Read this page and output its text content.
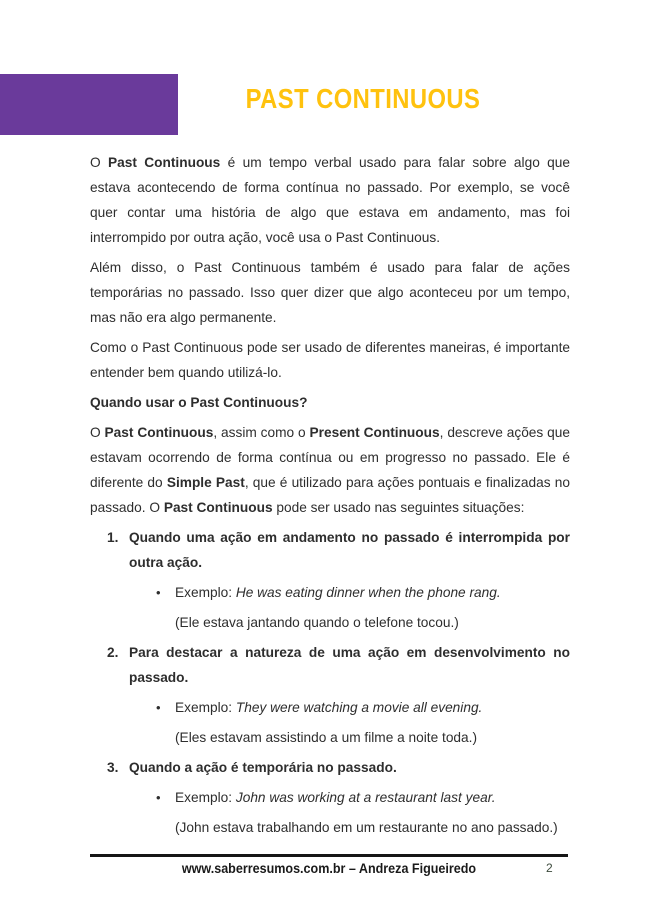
PAST CONTINUOUS

O Past Continuous é um tempo verbal usado para falar sobre algo que estava acontecendo de forma contínua no passado. Por exemplo, se você quer contar uma história de algo que estava em andamento, mas foi interrompido por outra ação, você usa o Past Continuous.

Além disso, o Past Continuous também é usado para falar de ações temporárias no passado. Isso quer dizer que algo aconteceu por um tempo, mas não era algo permanente.

Como o Past Continuous pode ser usado de diferentes maneiras, é importante entender bem quando utilizá-lo.

Quando usar o Past Continuous?

O Past Continuous, assim como o Present Continuous, descreve ações que estavam ocorrendo de forma contínua ou em progresso no passado. Ele é diferente do Simple Past, que é utilizado para ações pontuais e finalizadas no passado. O Past Continuous pode ser usado nas seguintes situações:

1. Quando uma ação em andamento no passado é interrompida por outra ação.
• Exemplo: He was eating dinner when the phone rang.
(Ele estava jantando quando o telefone tocou.)
2. Para destacar a natureza de uma ação em desenvolvimento no passado.
• Exemplo: They were watching a movie all evening.
(Eles estavam assistindo a um filme a noite toda.)
3. Quando a ação é temporária no passado.
• Exemplo: John was working at a restaurant last year.
(John estava trabalhando em um restaurante no ano passado.)
www.saberresumos.com.br – Andreza Figueiredo	2
